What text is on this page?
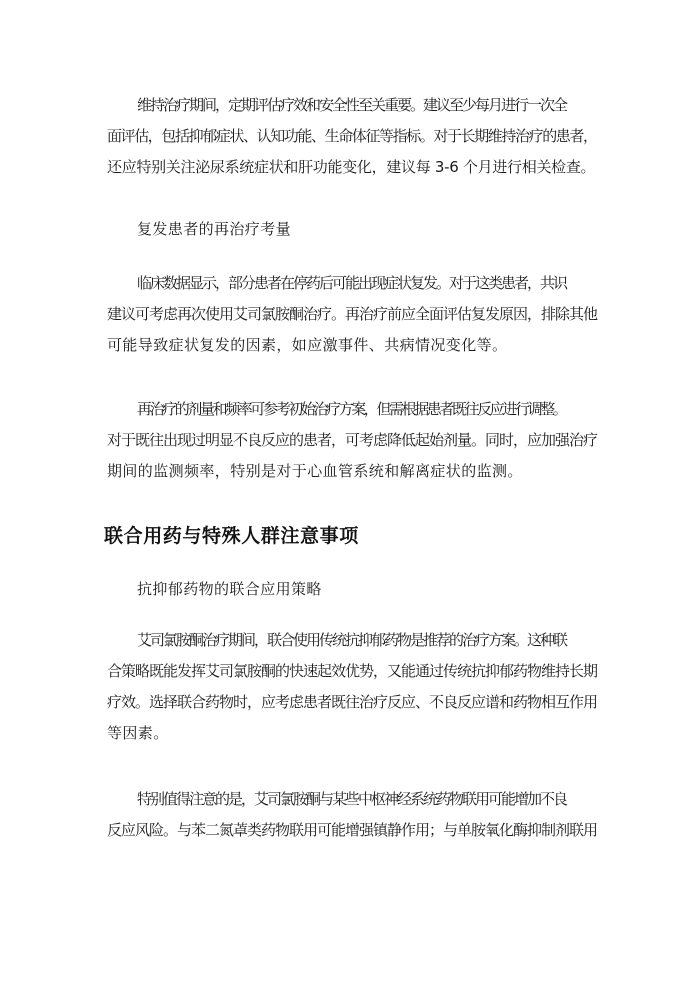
维持治疗期间，定期评估疗效和安全性至关重要。建议至少每月进行一次全
面评估，包括抑郁症状、认知功能、生命体征等指标。对于长期维持治疗的患者，
还应特别关注泌尿系统症状和肝功能变化，建议每 3-6 个月进行相关检查。
复发患者的再治疗考量
临床数据显示，部分患者在停药后可能出现症状复发。对于这类患者，共识
建议可考虑再次使用艾司氯胺酮治疗。再治疗前应全面评估复发原因，排除其他
可能导致症状复发的因素，如应激事件、共病情况变化等。
再治疗的剂量和频率可参考初始治疗方案，但需根据患者既往反应进行调整。
对于既往出现过明显不良反应的患者，可考虑降低起始剂量。同时，应加强治疗
期间的监测频率，特别是对于心血管系统和解离症状的监测。
联合用药与特殊人群注意事项
抗抑郁药物的联合应用策略
艾司氯胺酮治疗期间，联合使用传统抗抑郁药物是推荐的治疗方案。这种联
合策略既能发挥艾司氯胺酮的快速起效优势，又能通过传统抗抑郁药物维持长期
疗效。选择联合药物时，应考虑患者既往治疗反应、不良反应谱和药物相互作用
等因素。
特别值得注意的是，艾司氯胺酮与某些中枢神经系统药物联用可能增加不良
反应风险。与苯二氮䓬类药物联用可能增强镇静作用；与单胺氧化酶抑制剂联用
